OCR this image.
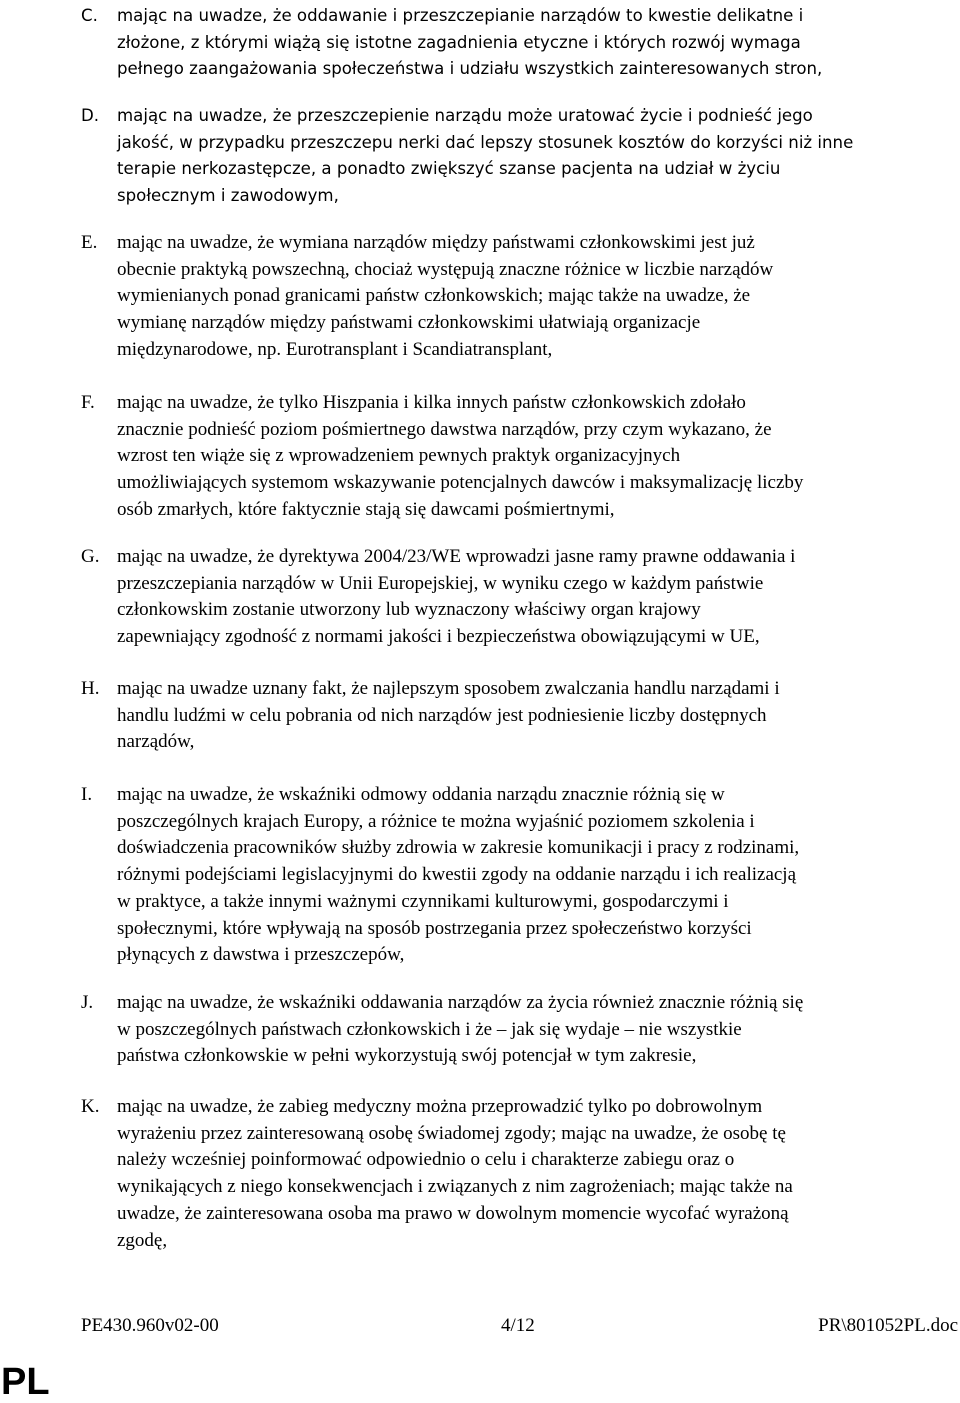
C. mając na uwadze, że oddawanie i przeszczepianie narządów to kwestie delikatne i
złożone, z którymi wiążą się istotne zagadnienia etyczne i których rozwój wymaga
pełnego zaangażowania społeczeństwa i udziału wszystkich zainteresowanych stron,
D. mając na uwadze, że przeszczepienie narządu może uratować życie i podnieść jego
jakość, w przypadku przeszczepu nerki dać lepszy stosunek kosztów do korzyści niż inne
terapie nerkozastępcze, a ponadto zwiększyć szanse pacjenta na udział w życiu
społecznym i zawodowym,
E. mając na uwadze, że wymiana narządów między państwami członkowskimi jest już
obecnie praktyką powszechną, chociaż występują znaczne różnice w liczbie narządów
wymienianych ponad granicami państw członkowskich; mając także na uwadze, że
wymianę narządów między państwami członkowskimi ułatwiają organizacje
międzynarodowe, np. Eurotransplant i Scandiatransplant,
F. mając na uwadze, że tylko Hiszpania i kilka innych państw członkowskich zdołało
znacznie podnieść poziom pośmiertnego dawstwa narządów, przy czym wykazano, że
wzrost ten wiąże się z wprowadzeniem pewnych praktyk organizacyjnych
umożliwiających systemom wskazywanie potencjalnych dawców i maksymalizację liczby
osób zmarłych, które faktycznie stają się dawcami pośmiertnymi,
G. mając na uwadze, że dyrektywa 2004/23/WE wprowadzi jasne ramy prawne oddawania i
przeszczepiania narządów w Unii Europejskiej, w wyniku czego w każdym państwie
członkowskim zostanie utworzony lub wyznaczony właściwy organ krajowy
zapewniający zgodność z normami jakości i bezpieczeństwa obowiązującymi w UE,
H. mając na uwadze uznany fakt, że najlepszym sposobem zwalczania handlu narządami i
handlu ludźmi w celu pobrania od nich narządów jest podniesienie liczby dostępnych
narządów,
I. mając na uwadze, że wskaźniki odmowy oddania narządu znacznie różnią się w
poszczególnych krajach Europy, a różnice te można wyjaśnić poziomem szkolenia i
doświadczenia pracowników służby zdrowia w zakresie komunikacji i pracy z rodzinami,
różnymi podejściami legislacyjnymi do kwestii zgody na oddanie narządu i ich realizacją
w praktyce, a także innymi ważnymi czynnikami kulturowymi, gospodarczymi i
społecznymi, które wpływają na sposób postrzegania przez społeczeństwo korzyści
płynących z dawstwa i przeszczepów,
J. mając na uwadze, że wskaźniki oddawania narządów za życia również znacznie różnią się
w poszczególnych państwach członkowskich i że – jak się wydaje – nie wszystkie
państwa członkowskie w pełni wykorzystują swój potencjał w tym zakresie,
K. mając na uwadze, że zabieg medyczny można przeprowadzić tylko po dobrowolnym
wyrażeniu przez zainteresowaną osobę świadomej zgody; mając na uwadze, że osobę tę
należy wcześniej poinformować odpowiednio o celu i charakterze zabiegu oraz o
wynikających z niego konsekwencjach i związanych z nim zagrożeniach; mając także na
uwadze, że zainteresowana osoba ma prawo w dowolnym momencie wycofać wyrażoną
zgodę,
PE430.960v02-00	4/12	PR\801052PL.doc
PL
